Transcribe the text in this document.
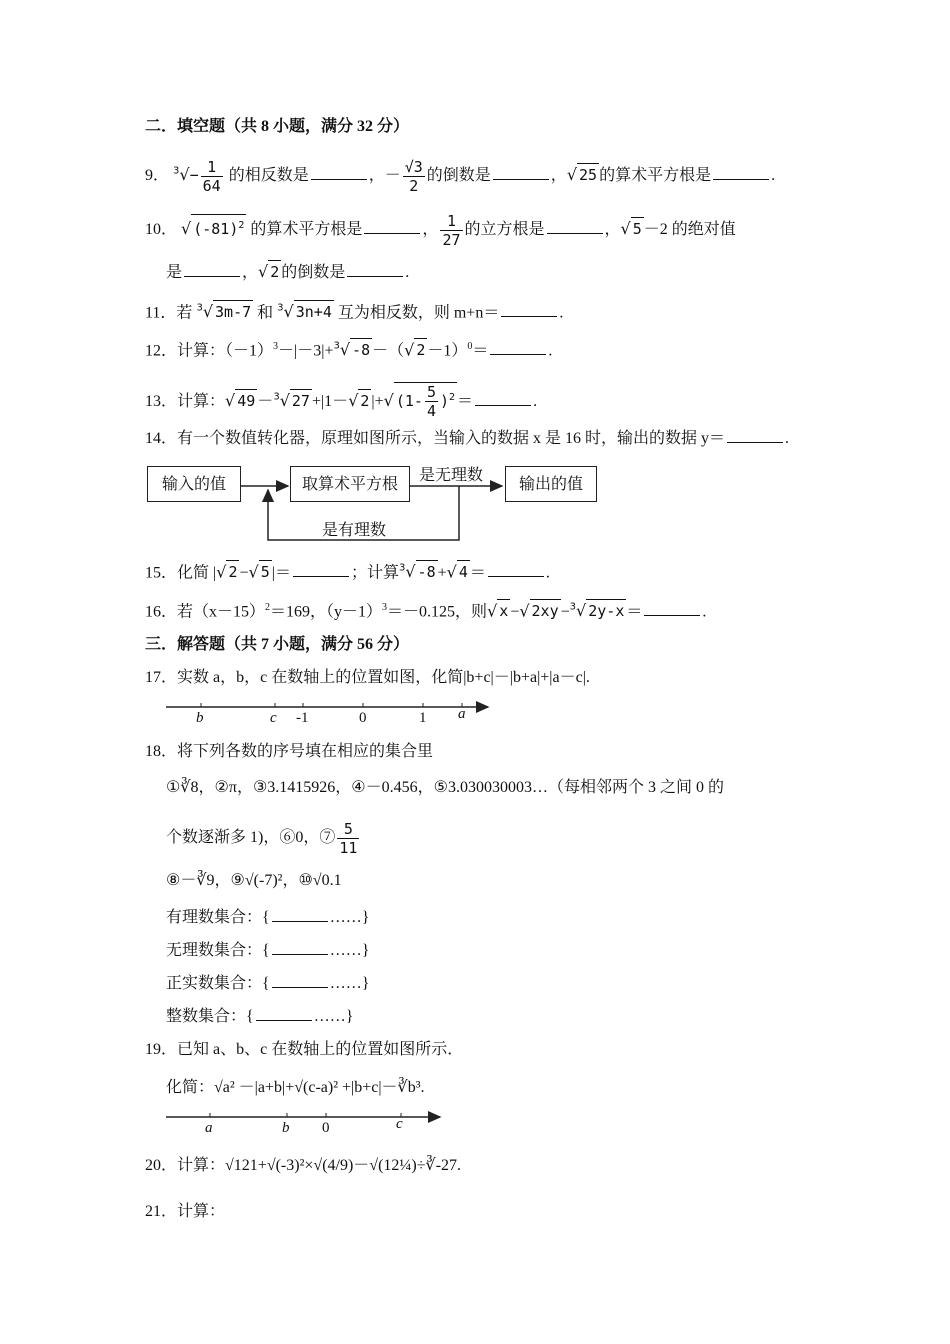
二．填空题（共 8 小题，满分 32 分）
9． $^3√- \frac{1}{64}$ 的相反数是	，－ $\frac{√3}{2}$ 的倒数是	，√ 25 的算术平方根是	.
10． √ $(-81)^2$ 的算术平方根是	， $\frac{1}{27}$ 的立方根是	，√ 5 －2 的绝对值
是	，√ 2 的倒数是	.
11．若 $^3$√ 3m-7 和 $^3$√ 3n+4 互为相反数，则 m+n＝	.
12．计算：$(-1)^3-|-3|+^3√$ -8 －（√ 2 －1）$^0$＝	.
13．计算：√ 49 －$^3$√ 27 +|1－√ 2 |+√ $(1- \frac{5}{4} )^2$ ＝	.
14．有一个数值转化器，原理如图所示，当输入的数据 x 是 16 时，输出的数据 y＝	.
输入的值	取算术平方根	输出的值
是无理数
是有理数
15．化简 |√ 2 −√ 5 |＝	；计算$^3$√ -8 +√ 4 ＝	.
16．若$(x-15)^2=169$，$(y-1)^3=-0.125$，则√ x −√ 2xy −$^3$√ 2y-x ＝	.
三．解答题（共 7 小题，满分 56 分）
17．实数 a，b，c 在数轴上的位置如图，化简|b+c|－|b+a|+|a－c|.
b	c -1	0	1 a
18．将下列各数的序号填在相应的集合里
①∛8，②π，③3.1415926，④－0.456，⑤3.030030003…（每相邻两个 3 之间 0 的
个数逐渐多 1)，⑥0，⑦ $\frac{5}{11}$
⑧－∛9，⑨√(-7)²，⑩√0.1
有理数集合：{	……}
无理数集合：{	……}
正实数集合：{	……}
整数集合：{	……}
19．已知 a、b、c 在数轴上的位置如图所示．
化简：√a² －|a+b|+√(c-a)² +|b+c|－∛b³.
a	b 0	c
20．计算：√121+√(-3)²×√(4/9)－√(12¼)÷∛-27.
21．计算：
